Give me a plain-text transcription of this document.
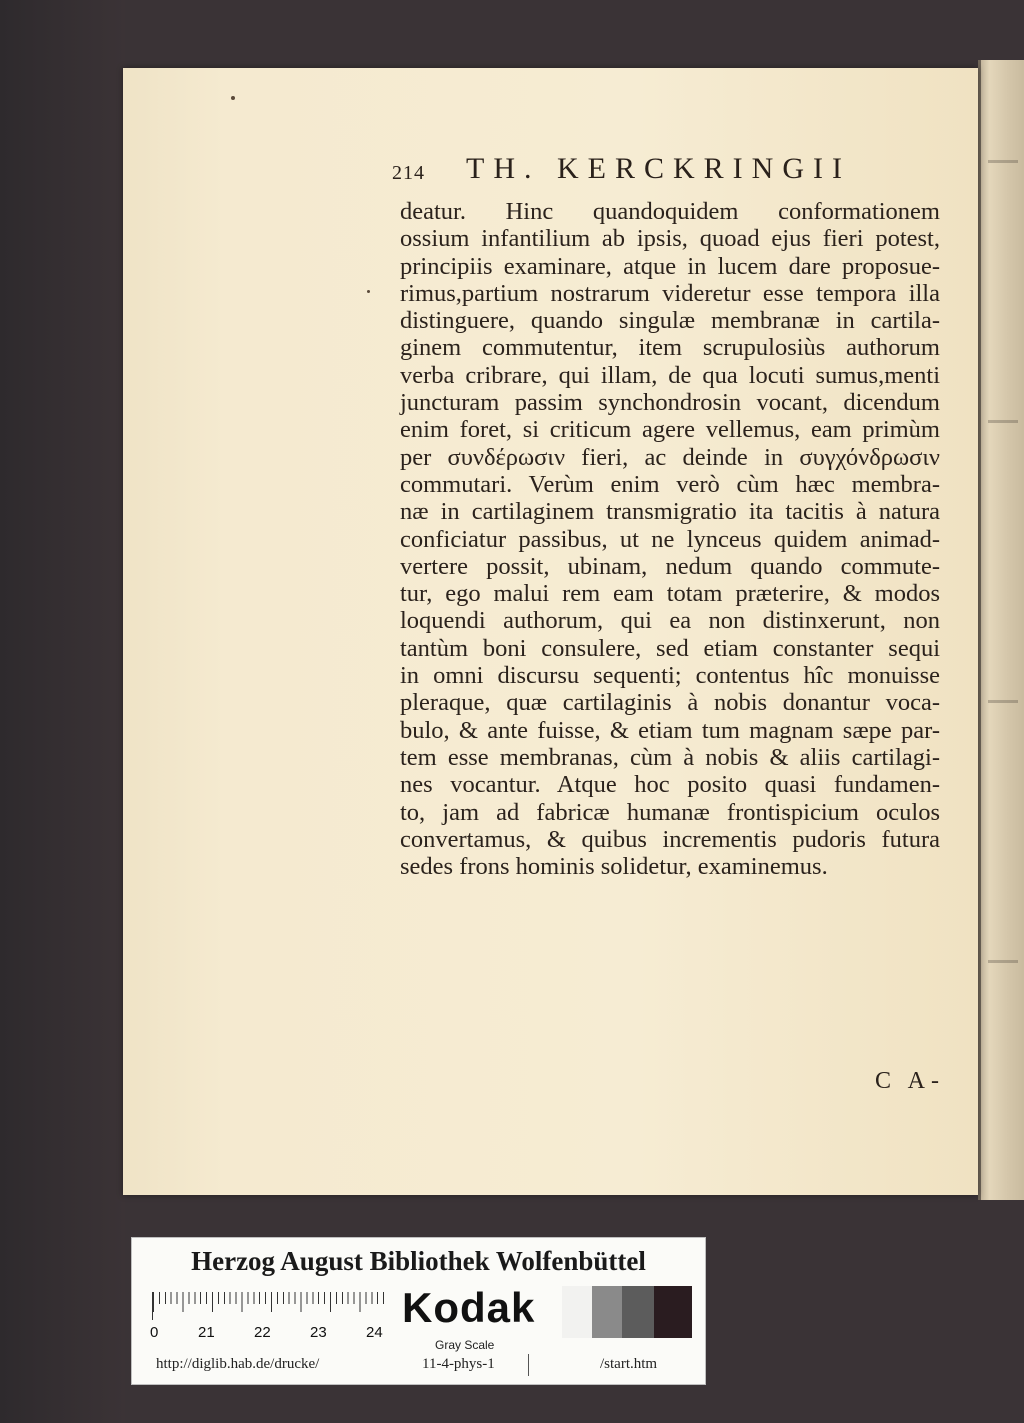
214 TH. KERCKRINGII
deatur. Hinc quandoquidem conformationem
ossium infantilium ab ipsis, quoad ejus fieri potest,
principiis examinare, atque in lucem dare proposue-
rimus,partium nostrarum videretur esse tempora illa
distinguere, quando singulæ membranæ in cartila-
ginem commutentur, item scrupulosiùs authorum
verba cribrare, qui illam, de qua locuti sumus,menti
juncturam passim synchondrosin vocant, dicendum
enim foret, si criticum agere vellemus, eam primùm
per συνδέρωσιν fieri, ac deinde in συγχόνδρωσιν
commutari. Verùm enim verò cùm hæc membra-
næ in cartilaginem transmigratio ita tacitis à natura
conficiatur passibus, ut ne lynceus quidem animad-
vertere possit, ubinam, nedum quando commute-
tur, ego malui rem eam totam præterire, & modos
loquendi authorum, qui ea non distinxerunt, non
tantùm boni consulere, sed etiam constanter sequi
in omni discursu sequenti; contentus hîc monuisse
pleraque, quæ cartilaginis à nobis donantur voca-
bulo, & ante fuisse, & etiam tum magnam sæpe par-
tem esse membranas, cùm à nobis & aliis cartilagi-
nes vocantur. Atque hoc posito quasi fundamen-
to, jam ad fabricæ humanæ frontispicium oculos
convertamus, & quibus incrementis pudoris futura
sedes frons hominis solidetur, examinemus.
C A-
Herzog August Bibliothek Wolfenbüttel
0	21	22	23	24
Kodak
Gray Scale
http://diglib.hab.de/drucke/	11-4-phys-1	/start.htm
